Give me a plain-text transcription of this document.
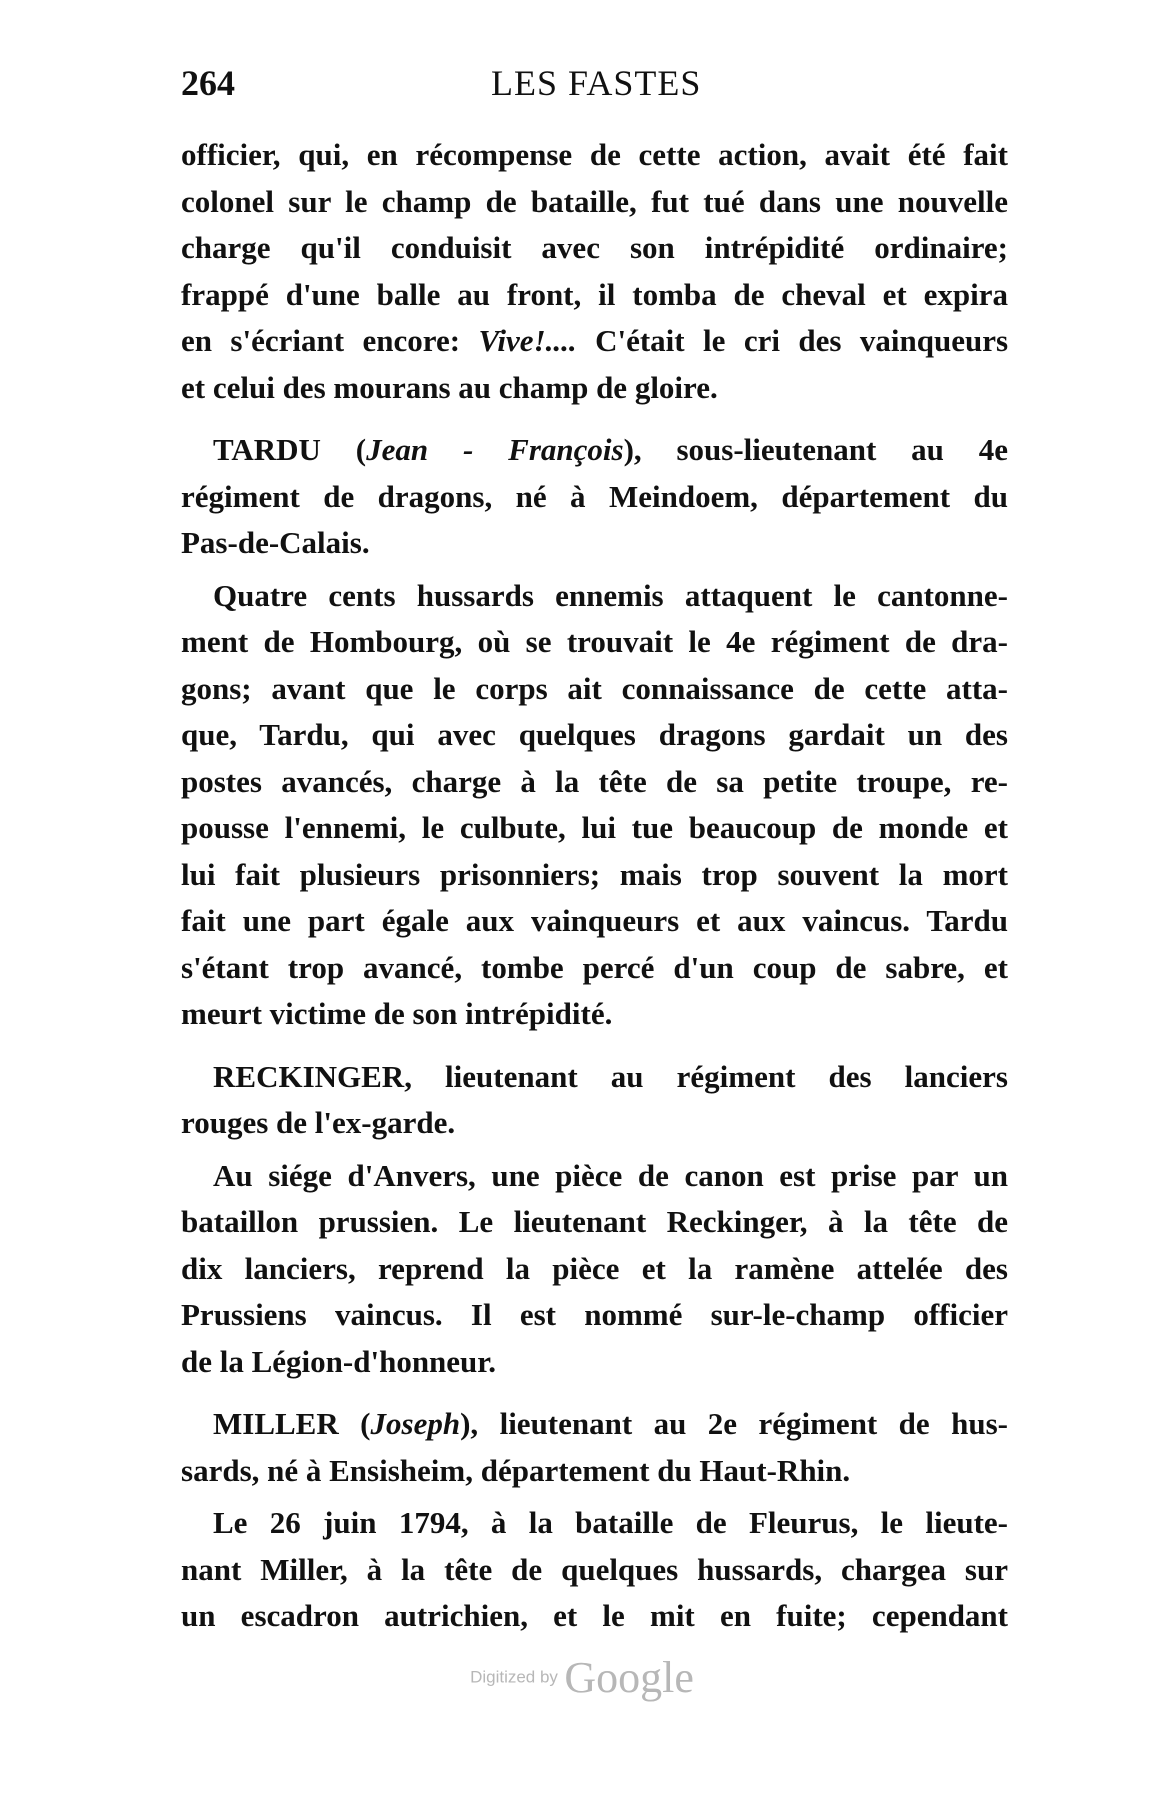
264	LES FASTES
officier, qui, en récompense de cette action, avait été fait
colonel sur le champ de bataille, fut tué dans une nouvelle
charge qu'il conduisit avec son intrépidité ordinaire;
frappé d'une balle au front, il tomba de cheval et expira
en s'écriant encore: Vive!.... C'était le cri des vainqueurs
et celui des mourans au champ de gloire.
TARDU (Jean - François), sous-lieutenant au 4e
régiment de dragons, né à Meindoem, département du
Pas-de-Calais.
Quatre cents hussards ennemis attaquent le cantonne-
ment de Hombourg, où se trouvait le 4e régiment de dra-
gons; avant que le corps ait connaissance de cette atta-
que, Tardu, qui avec quelques dragons gardait un des
postes avancés, charge à la tête de sa petite troupe, re-
pousse l'ennemi, le culbute, lui tue beaucoup de monde et
lui fait plusieurs prisonniers; mais trop souvent la mort
fait une part égale aux vainqueurs et aux vaincus. Tardu
s'étant trop avancé, tombe percé d'un coup de sabre, et
meurt victime de son intrépidité.
RECKINGER, lieutenant au régiment des lanciers
rouges de l'ex-garde.
Au siége d'Anvers, une pièce de canon est prise par un
bataillon prussien. Le lieutenant Reckinger, à la tête de
dix lanciers, reprend la pièce et la ramène attelée des
Prussiens vaincus. Il est nommé sur-le-champ officier
de la Légion-d'honneur.
MILLER (Joseph), lieutenant au 2e régiment de hus-
sards, né à Ensisheim, département du Haut-Rhin.
Le 26 juin 1794, à la bataille de Fleurus, le lieute-
nant Miller, à la tête de quelques hussards, chargea sur
un escadron autrichien, et le mit en fuite; cependant
Digitized by Google
